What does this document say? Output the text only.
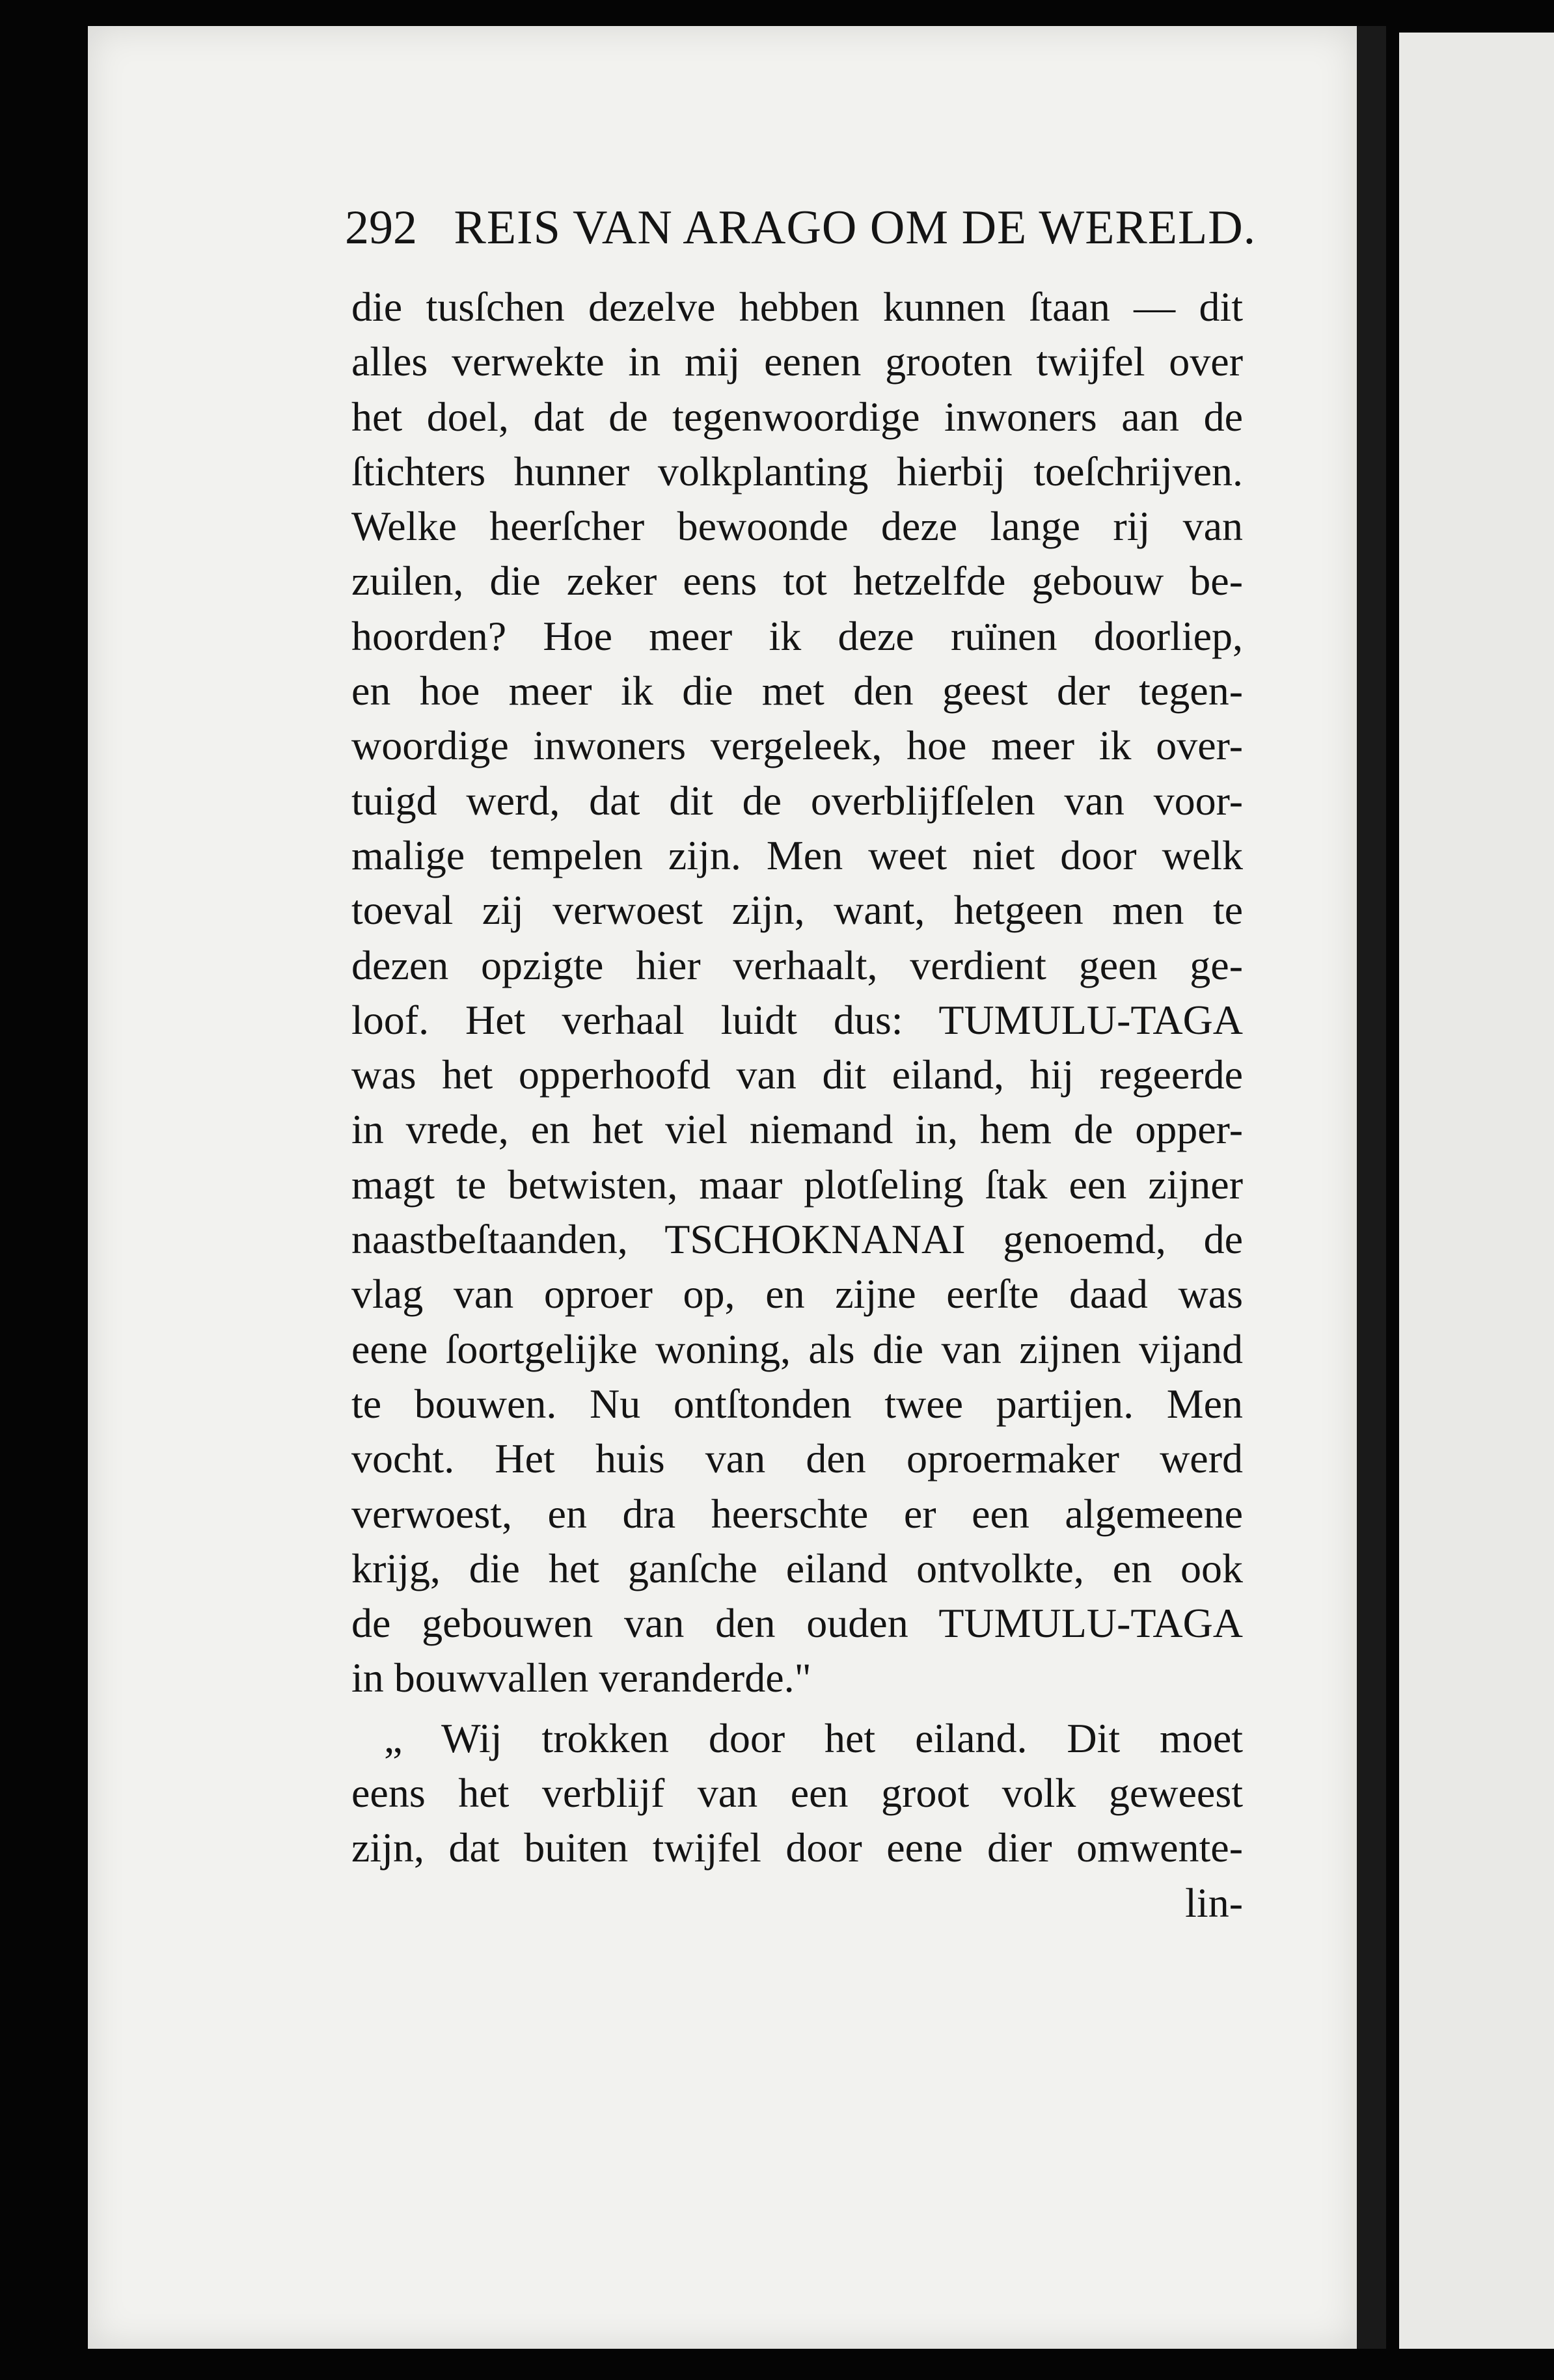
292 REIS VAN ARAGO OM DE WERELD.
die tusſchen dezelve hebben kunnen ſtaan — dit
alles verwekte in mij eenen grooten twijfel over
het doel, dat de tegenwoordige inwoners aan de
ſtichters hunner volkplanting hierbij toeſchrijven.
Welke heerſcher bewoonde deze lange rij van
zuilen, die zeker eens tot hetzelfde gebouw be-
hoorden? Hoe meer ik deze ruïnen doorliep,
en hoe meer ik die met den geest der tegen-
woordige inwoners vergeleek, hoe meer ik over-
tuigd werd, dat dit de overblijfſelen van voor-
malige tempelen zijn. Men weet niet door welk
toeval zij verwoest zijn, want, hetgeen men te
dezen opzigte hier verhaalt, verdient geen ge-
loof. Het verhaal luidt dus: TUMULU-TAGA
was het opperhoofd van dit eiland, hij regeerde
in vrede, en het viel niemand in, hem de opper-
magt te betwisten, maar plotſeling ſtak een zijner
naastbeſtaanden, TSCHOKNANAI genoemd, de
vlag van oproer op, en zijne eerſte daad was
eene ſoortgelijke woning, als die van zijnen vijand
te bouwen. Nu ontſtonden twee partijen. Men
vocht. Het huis van den oproermaker werd
verwoest, en dra heerschte er een algemeene
krijg, die het ganſche eiland ontvolkte, en ook
de gebouwen van den ouden TUMULU-TAGA
in bouwvallen veranderde."
„ Wij trokken door het eiland. Dit moet
eens het verblijf van een groot volk geweest
zijn, dat buiten twijfel door eene dier omwente-
lin-
